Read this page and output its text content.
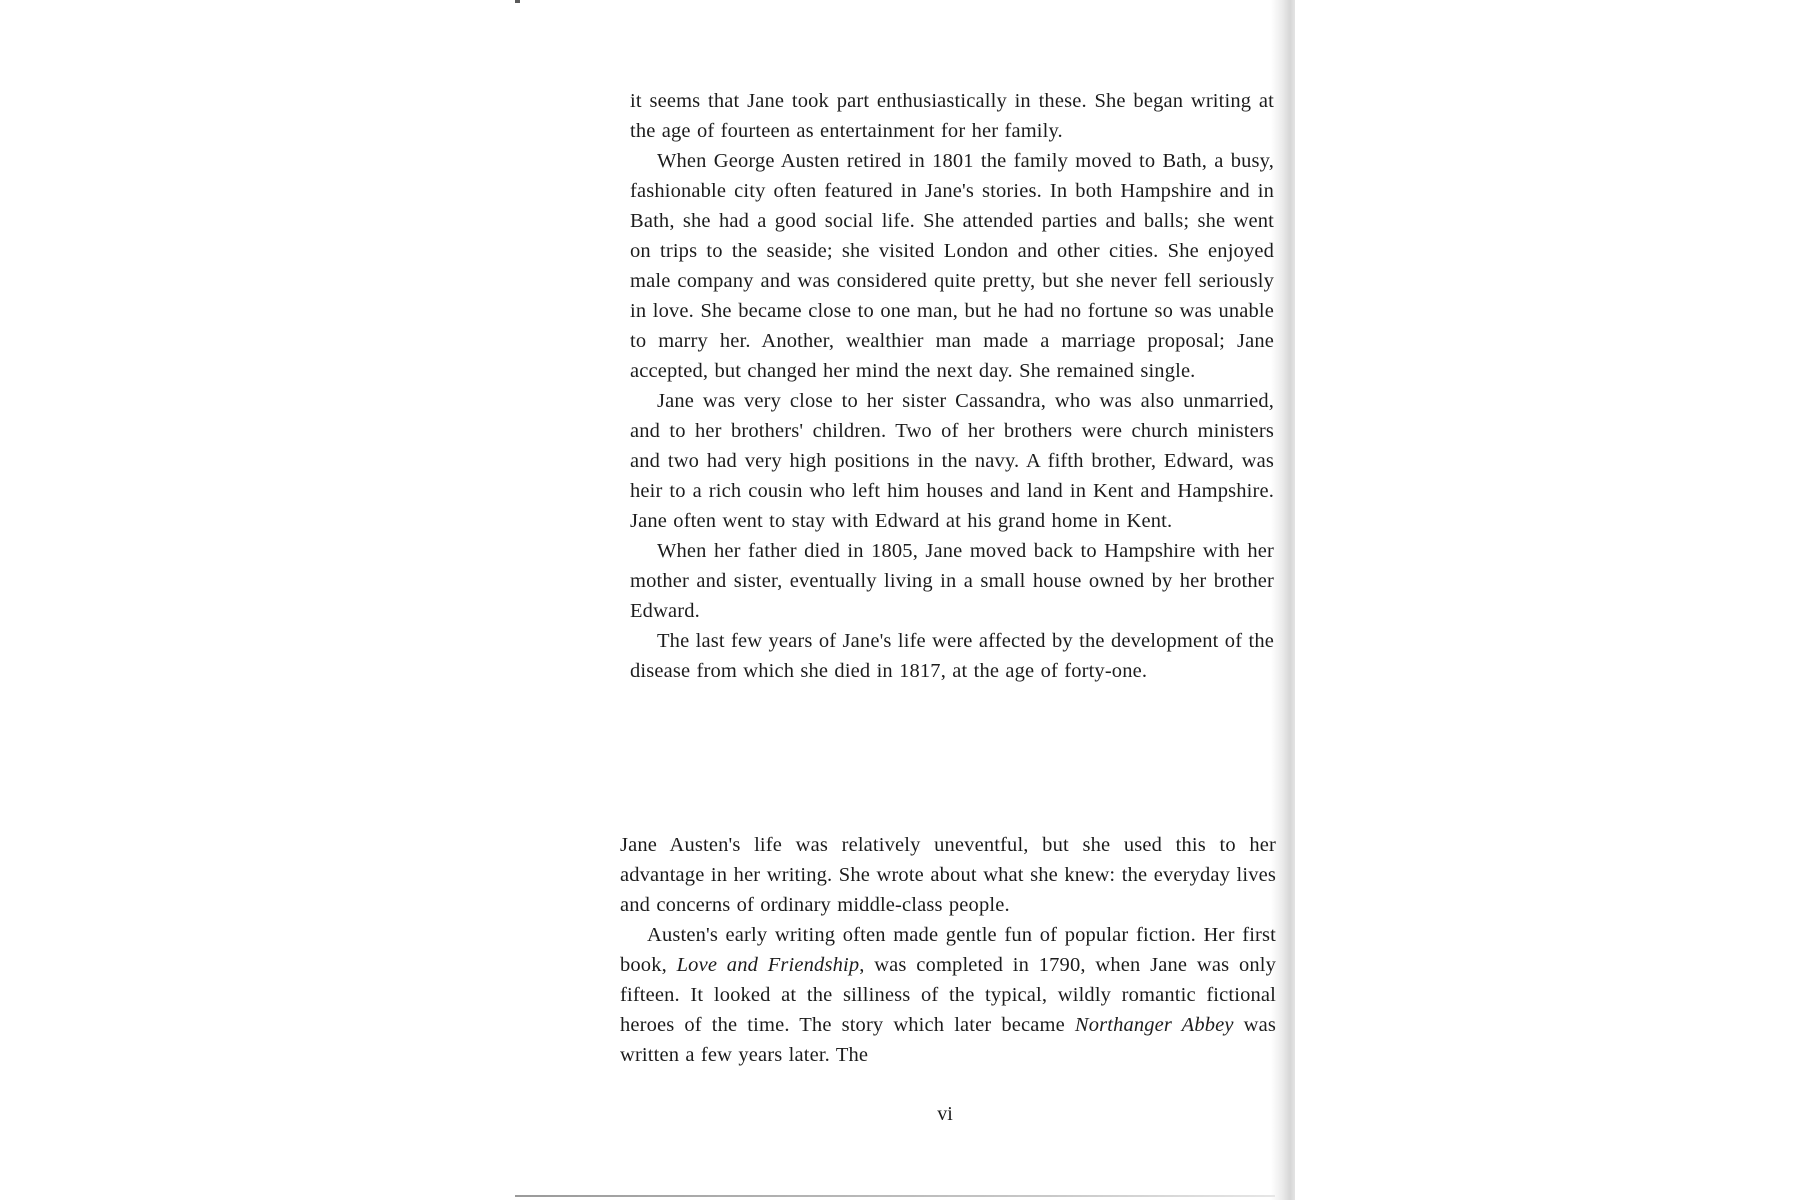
it seems that Jane took part enthusiastically in these. She began writing at the age of fourteen as entertainment for her family.

When George Austen retired in 1801 the family moved to Bath, a busy, fashionable city often featured in Jane's stories. In both Hampshire and in Bath, she had a good social life. She attended parties and balls; she went on trips to the seaside; she visited London and other cities. She enjoyed male company and was considered quite pretty, but she never fell seriously in love. She became close to one man, but he had no fortune so was unable to marry her. Another, wealthier man made a marriage proposal; Jane accepted, but changed her mind the next day. She remained single.

Jane was very close to her sister Cassandra, who was also unmarried, and to her brothers' children. Two of her brothers were church ministers and two had very high positions in the navy. A fifth brother, Edward, was heir to a rich cousin who left him houses and land in Kent and Hampshire. Jane often went to stay with Edward at his grand home in Kent.

When her father died in 1805, Jane moved back to Hampshire with her mother and sister, eventually living in a small house owned by her brother Edward.

The last few years of Jane's life were affected by the development of the disease from which she died in 1817, at the age of forty-one.

Jane Austen's life was relatively uneventful, but she used this to her advantage in her writing. She wrote about what she knew: the everyday lives and concerns of ordinary middle-class people.

Austen's early writing often made gentle fun of popular fiction. Her first book, Love and Friendship, was completed in 1790, when Jane was only fifteen. It looked at the silliness of the typical, wildly romantic fictional heroes of the time. The story which later became Northanger Abbey was written a few years later. The

vi
